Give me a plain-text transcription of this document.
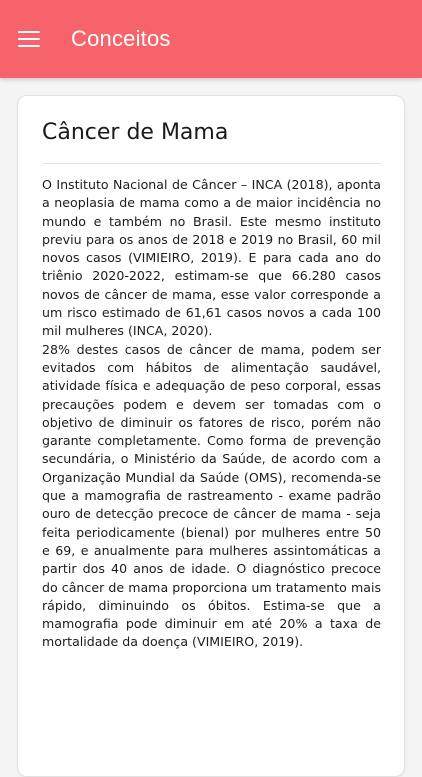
Conceitos
Câncer de Mama

O Instituto Nacional de Câncer – INCA (2018), aponta a neoplasia de mama como a de maior incidência no mundo e também no Brasil. Este mesmo instituto previu para os anos de 2018 e 2019 no Brasil, 60 mil novos casos (VIMIEIRO, 2019). E para cada ano do triênio 2020-2022, estimam-se que 66.280 casos novos de câncer de mama, esse valor corresponde a um risco estimado de 61,61 casos novos a cada 100 mil mulheres (INCA, 2020).

28% destes casos de câncer de mama, podem ser evitados com hábitos de alimentação saudável, atividade física e adequação de peso corporal, essas precauções podem e devem ser tomadas com o objetivo de diminuir os fatores de risco, porém não garante completamente. Como forma de prevenção secundária, o Ministério da Saúde, de acordo com a Organização Mundial da Saúde (OMS), recomenda-se que a mamografia de rastreamento - exame padrão ouro de detecção precoce de câncer de mama - seja feita periodicamente (bienal) por mulheres entre 50 e 69, e anualmente para mulheres assintomáticas a partir dos 40 anos de idade. O diagnóstico precoce do câncer de mama proporciona um tratamento mais rápido, diminuindo os óbitos. Estima-se que a mamografia pode diminuir em até 20% a taxa de mortalidade da doença (VIMIEIRO, 2019).
